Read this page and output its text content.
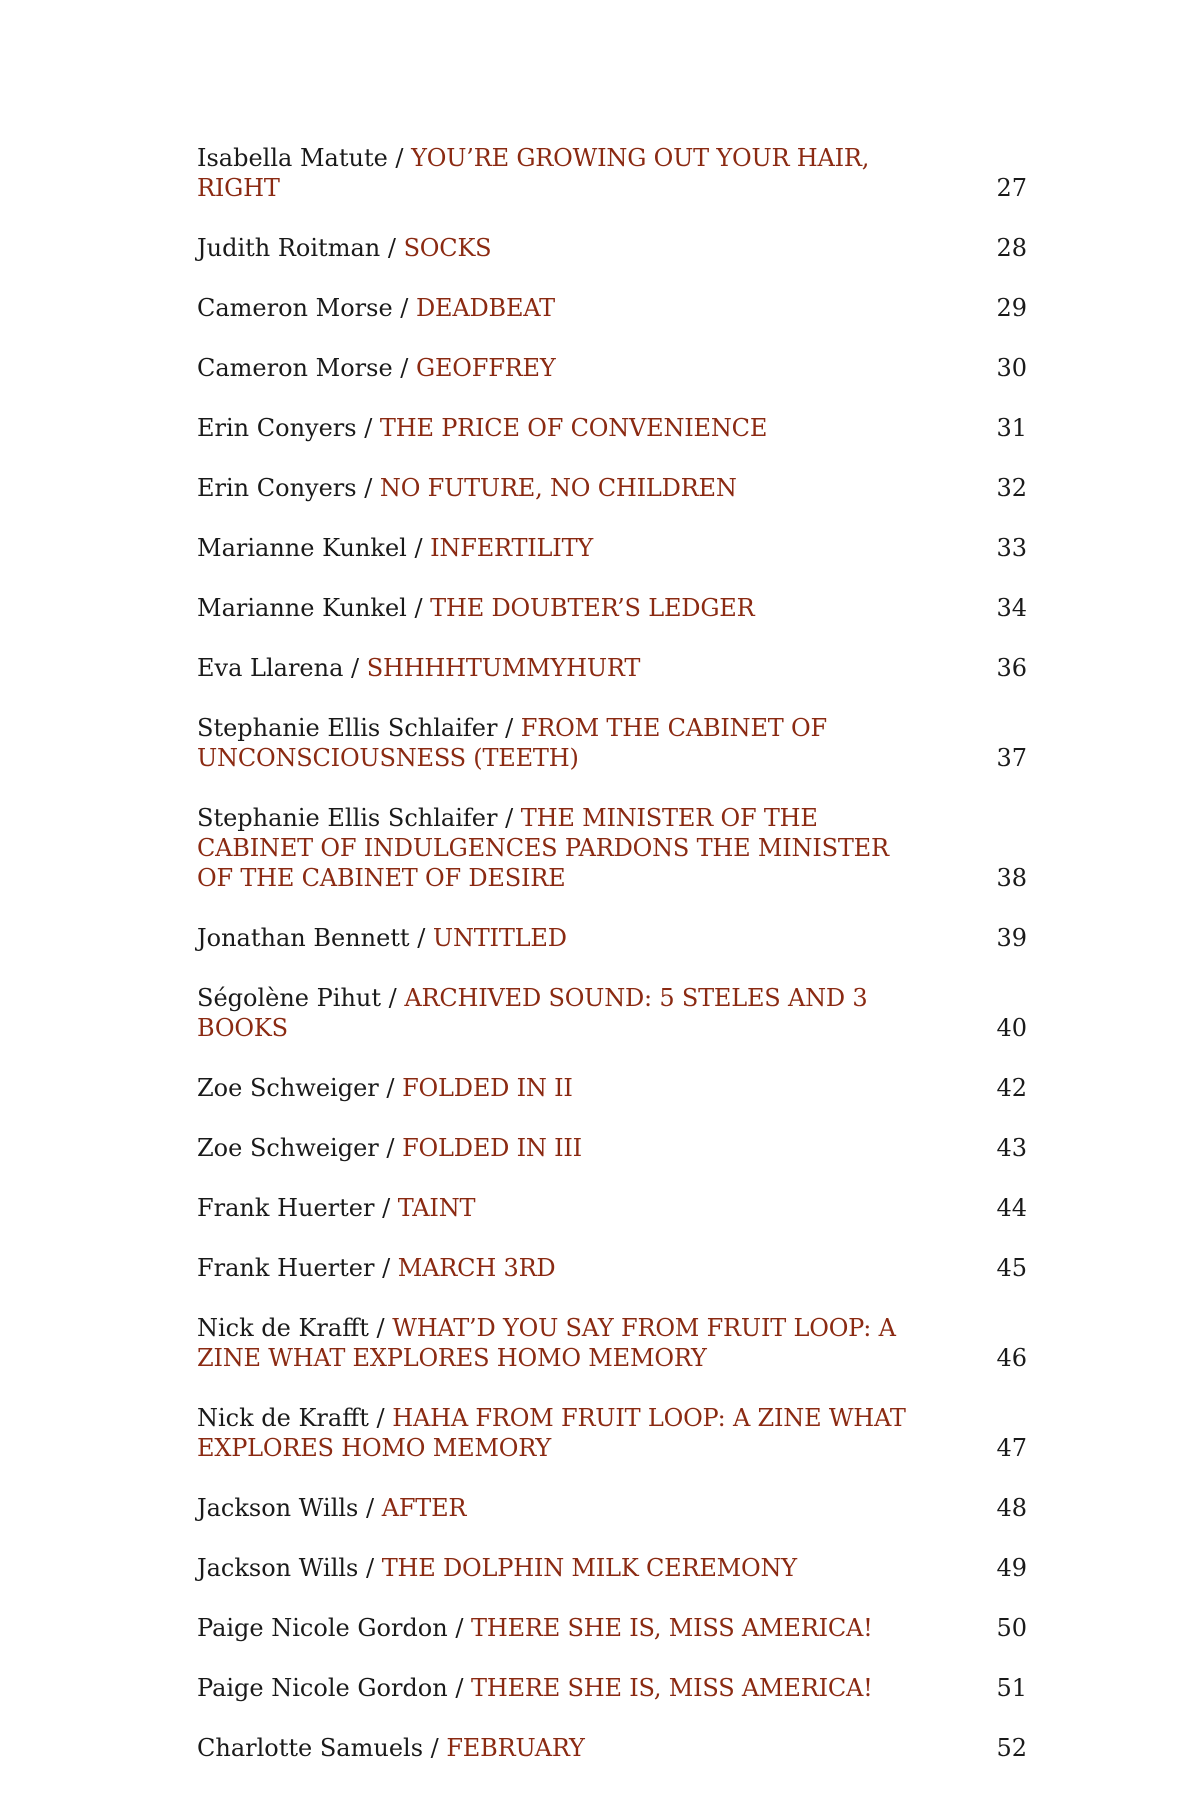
Isabella Matute / YOU’RE GROWING OUT YOUR HAIR, RIGHT	27
Judith Roitman / SOCKS	28
Cameron Morse / DEADBEAT	29
Cameron Morse / GEOFFREY	30
Erin Conyers / THE PRICE OF CONVENIENCE	31
Erin Conyers / NO FUTURE, NO CHILDREN	32
Marianne Kunkel / INFERTILITY	33
Marianne Kunkel / THE DOUBTER’S LEDGER	34
Eva Llarena / SHHHHTUMMYHURT	36
Stephanie Ellis Schlaifer / FROM THE CABINET OF UNCONSCIOUSNESS (TEETH)	37
Stephanie Ellis Schlaifer / THE MINISTER OF THE CABINET OF INDULGENCES PARDONS THE MINISTER OF THE CABINET OF DESIRE	38
Jonathan Bennett / UNTITLED	39
Ségolène Pihut / ARCHIVED SOUND: 5 STELES AND 3 BOOKS	40
Zoe Schweiger / FOLDED IN II	42
Zoe Schweiger / FOLDED IN III	43
Frank Huerter / TAINT	44
Frank Huerter / MARCH 3RD	45
Nick de Krafft / WHAT’D YOU SAY FROM FRUIT LOOP: A ZINE WHAT EXPLORES HOMO MEMORY	46
Nick de Krafft / HAHA FROM FRUIT LOOP: A ZINE WHAT EXPLORES HOMO MEMORY	47
Jackson Wills / AFTER	48
Jackson Wills / THE DOLPHIN MILK CEREMONY	49
Paige Nicole Gordon / THERE SHE IS, MISS AMERICA!	50
Paige Nicole Gordon / THERE SHE IS, MISS AMERICA!	51
Charlotte Samuels / FEBRUARY	52
